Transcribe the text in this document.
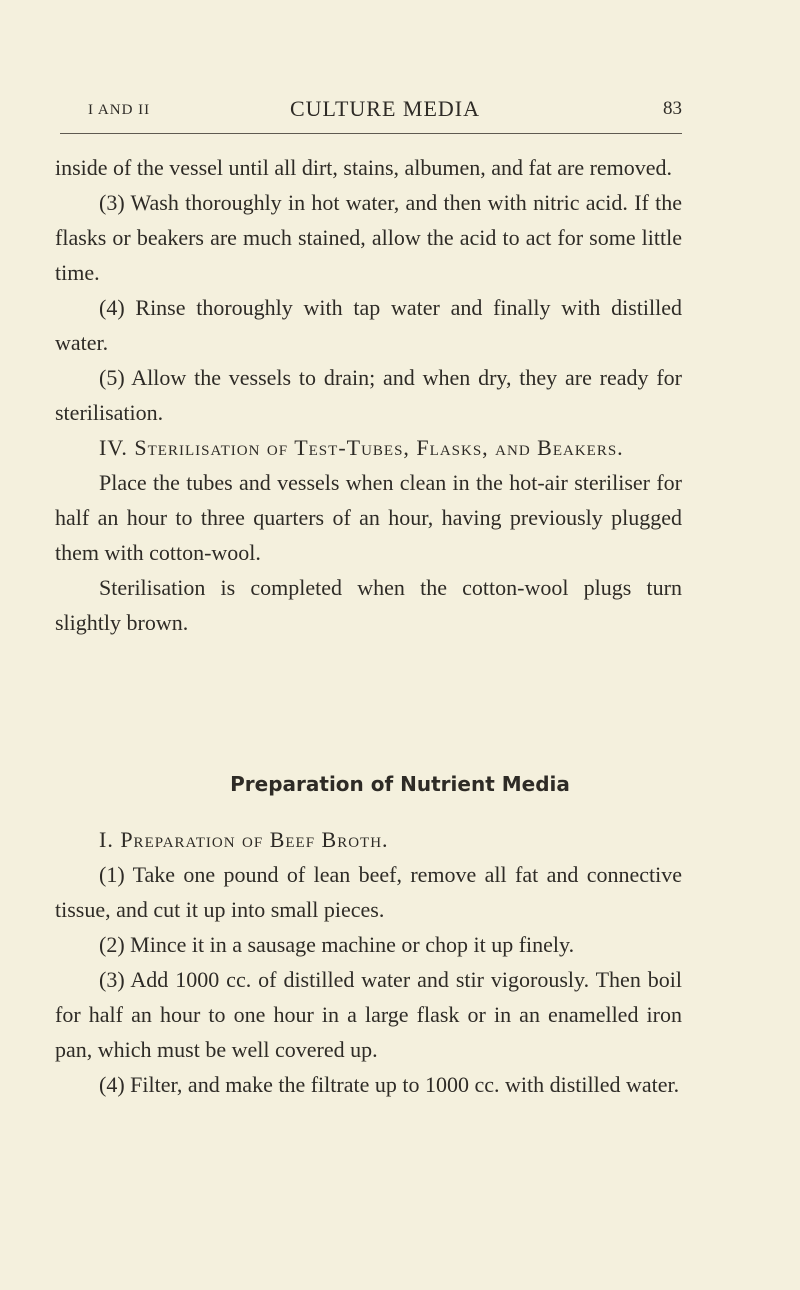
I AND II	CULTURE MEDIA	83

inside of the vessel until all dirt, stains, albumen, and fat are removed.

(3) Wash thoroughly in hot water, and then with nitric acid. If the flasks or beakers are much stained, allow the acid to act for some little time.

(4) Rinse thoroughly with tap water and finally with distilled water.

(5) Allow the vessels to drain; and when dry, they are ready for sterilisation.

IV. Sterilisation of Test-Tubes, Flasks, and Beakers.

Place the tubes and vessels when clean in the hot-air steriliser for half an hour to three quarters of an hour, having previously plugged them with cotton-wool.

Sterilisation is completed when the cotton-wool plugs turn slightly brown.

Preparation of Nutrient Media

I. Preparation of Beef Broth.

(1) Take one pound of lean beef, remove all fat and connective tissue, and cut it up into small pieces.

(2) Mince it in a sausage machine or chop it up finely.

(3) Add 1000 cc. of distilled water and stir vigorously. Then boil for half an hour to one hour in a large flask or in an enamelled iron pan, which must be well covered up.

(4) Filter, and make the filtrate up to 1000 cc. with distilled water.
